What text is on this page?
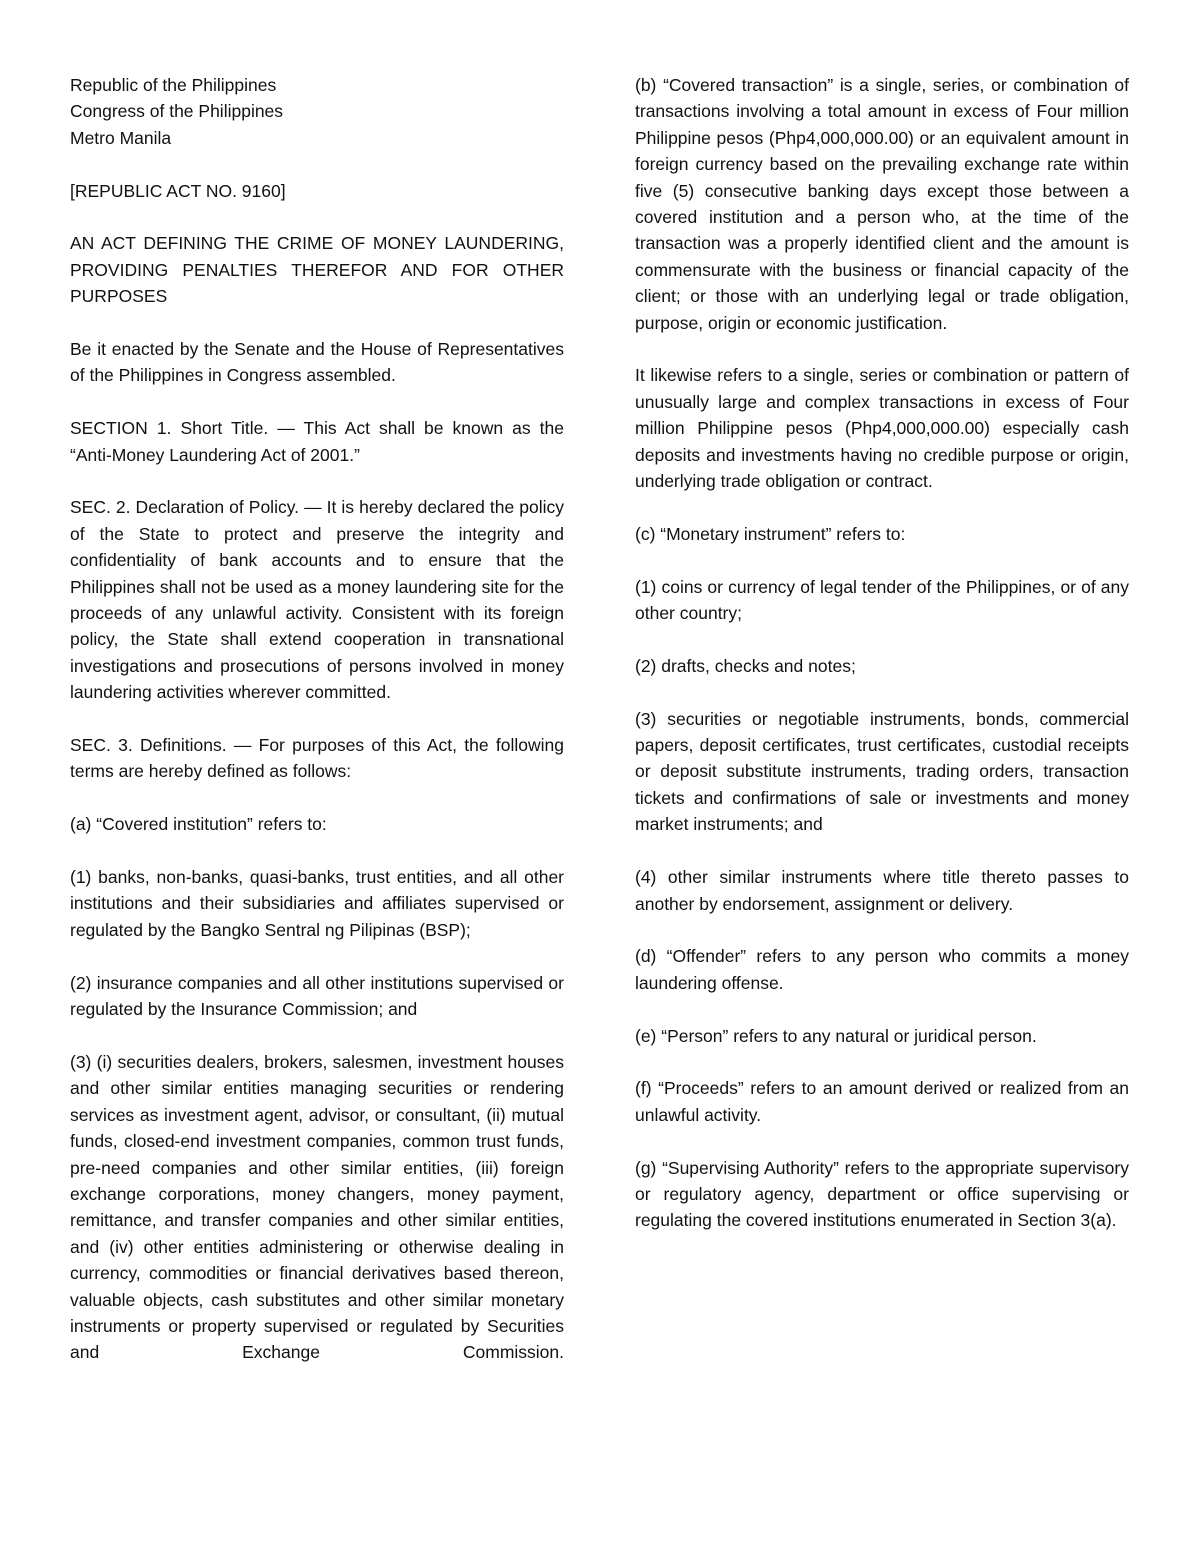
Republic of the Philippines
Congress of the Philippines
Metro Manila

[REPUBLIC ACT NO. 9160]

AN ACT DEFINING THE CRIME OF MONEY LAUNDERING, PROVIDING PENALTIES THEREFOR AND FOR OTHER PURPOSES

Be it enacted by the Senate and the House of Representatives of the Philippines in Congress assembled.

SECTION 1. Short Title. — This Act shall be known as the “Anti-Money Laundering Act of 2001.”

SEC. 2. Declaration of Policy. — It is hereby declared the policy of the State to protect and preserve the integrity and confidentiality of bank accounts and to ensure that the Philippines shall not be used as a money laundering site for the proceeds of any unlawful activity. Consistent with its foreign policy, the State shall extend cooperation in transnational investigations and prosecutions of persons involved in money laundering activities wherever committed.

SEC. 3. Definitions. — For purposes of this Act, the following terms are hereby defined as follows:

(a) “Covered institution” refers to:

(1) banks, non-banks, quasi-banks, trust entities, and all other institutions and their subsidiaries and affiliates supervised or regulated by the Bangko Sentral ng Pilipinas (BSP);

(2) insurance companies and all other institutions supervised or regulated by the Insurance Commission; and

(3) (i) securities dealers, brokers, salesmen, investment houses and other similar entities managing securities or rendering services as investment agent, advisor, or consultant, (ii) mutual funds, closed-end investment companies, common trust funds, pre-need companies and other similar entities, (iii) foreign exchange corporations, money changers, money payment, remittance, and transfer companies and other similar entities, and (iv) other entities administering or otherwise dealing in currency, commodities or financial derivatives based thereon, valuable objects, cash substitutes and other similar monetary instruments or property supervised or regulated by Securities and Exchange Commission.

(b) “Covered transaction” is a single, series, or combination of transactions involving a total amount in excess of Four million Philippine pesos (Php4,000,000.00) or an equivalent amount in foreign currency based on the prevailing exchange rate within five (5) consecutive banking days except those between a covered institution and a person who, at the time of the transaction was a properly identified client and the amount is commensurate with the business or financial capacity of the client; or those with an underlying legal or trade obligation, purpose, origin or economic justification.

It likewise refers to a single, series or combination or pattern of unusually large and complex transactions in excess of Four million Philippine pesos (Php4,000,000.00) especially cash deposits and investments having no credible purpose or origin, underlying trade obligation or contract.

(c) “Monetary instrument” refers to:

(1) coins or currency of legal tender of the Philippines, or of any other country;

(2) drafts, checks and notes;

(3) securities or negotiable instruments, bonds, commercial papers, deposit certificates, trust certificates, custodial receipts or deposit substitute instruments, trading orders, transaction tickets and confirmations of sale or investments and money market instruments; and

(4) other similar instruments where title thereto passes to another by endorsement, assignment or delivery.

(d) “Offender” refers to any person who commits a money laundering offense.

(e) “Person” refers to any natural or juridical person.

(f) “Proceeds” refers to an amount derived or realized from an unlawful activity.

(g) “Supervising Authority” refers to the appropriate supervisory or regulatory agency, department or office supervising or regulating the covered institutions enumerated in Section 3(a).
